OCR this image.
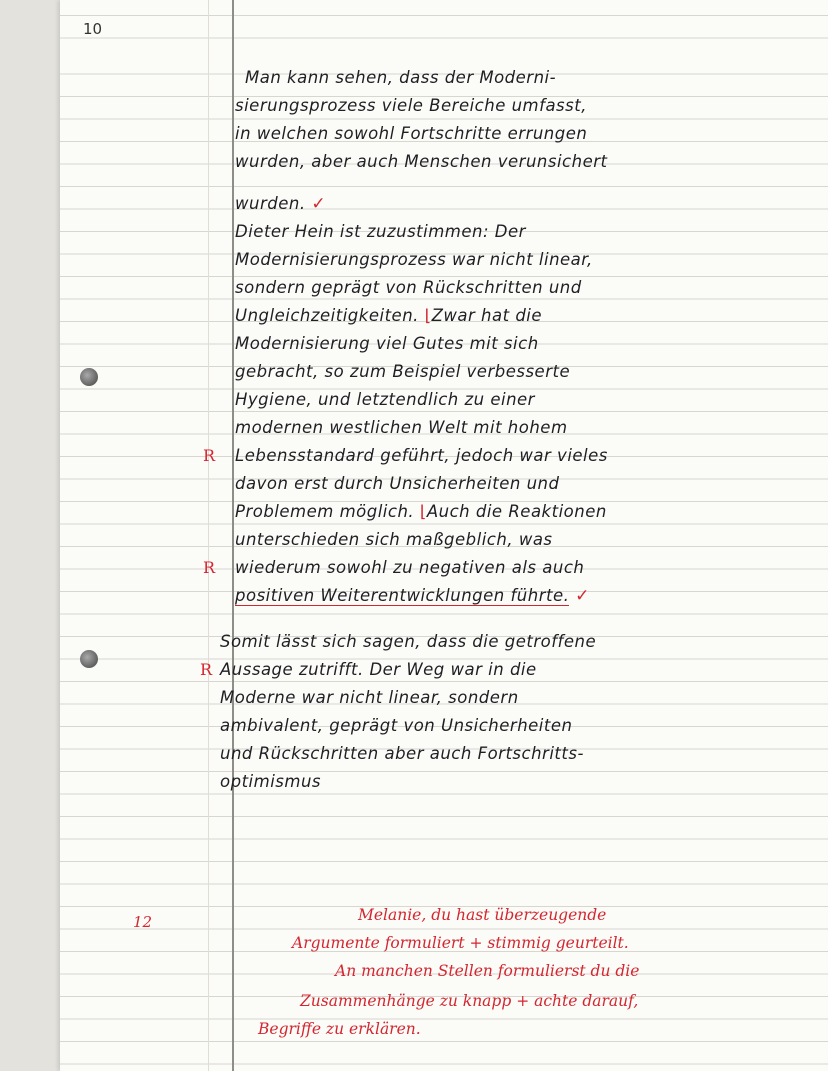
10
Man kann sehen, dass der Moderni-
sierungsprozess viele Bereiche umfasst,
in welchen sowohl Fortschritte errungen
wurden, aber auch Menschen verunsichert
wurden. ✓
Dieter Hein ist zuzustimmen: Der
Modernisierungsprozess war nicht linear,
sondern geprägt von Rückschritten und
Ungleichzeitigkeiten. ⌊Zwar hat die
Modernisierung viel Gutes mit sich
gebracht, so zum Beispiel verbesserte
Hygiene, und letztendlich zu einer
modernen westlichen Welt mit hohem
R Lebensstandard geführt, jedoch war vieles
davon erst durch Unsicherheiten und
Problemem möglich. ⌊Auch die Reaktionen
unterschieden sich maßgeblich, was
R wiederum sowohl zu negativen als auch
positiven Weiterentwicklungen führte. ✓
Somit lässt sich sagen, dass die getroffene
R Aussage zutrifft. Der Weg war in die
Moderne war nicht linear, sondern
ambivalent, geprägt von Unsicherheiten
und Rückschritten aber auch Fortschritts-
optimismus
12	Melanie, du hast überzeugende
Argumente formuliert + stimmig geurteilt.
An manchen Stellen formulierst du die
Zusammenhänge zu knapp + achte darauf,
Begriffe zu erklären.
